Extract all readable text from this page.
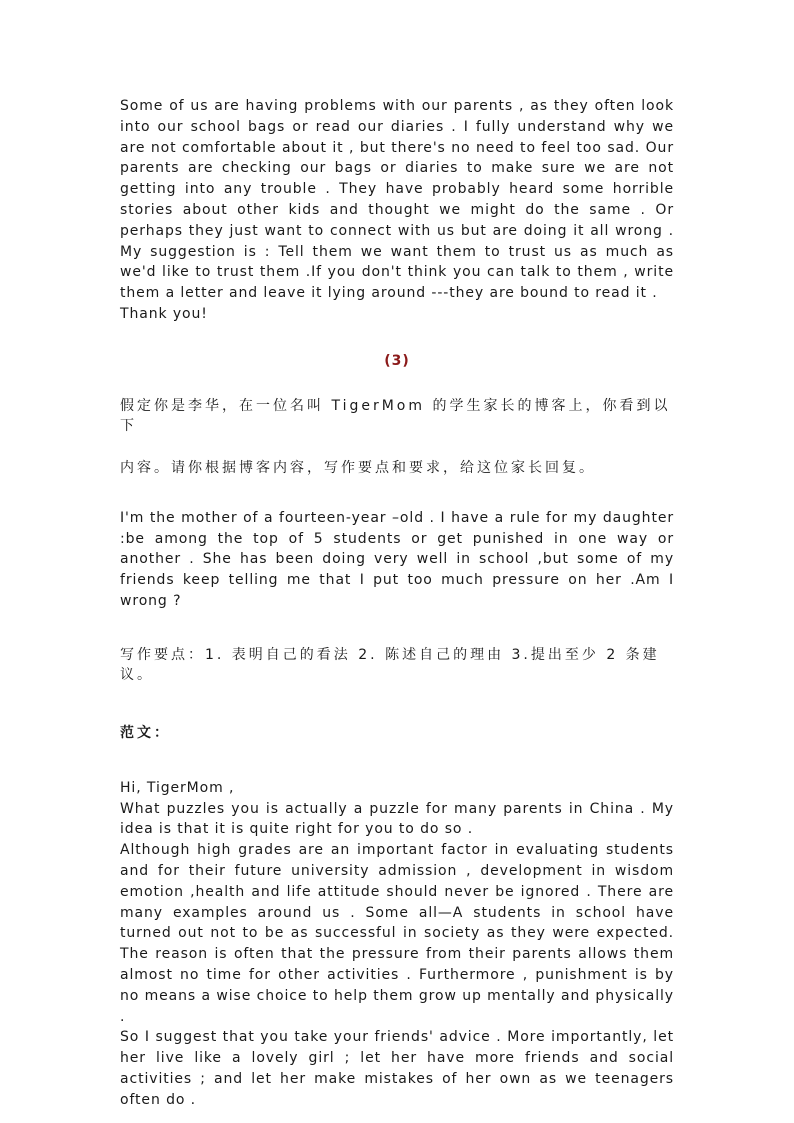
Some of us are having problems with our parents , as they often look into our school bags or read our diaries . I fully understand why we are not comfortable about it , but there's no need to feel too sad. Our parents are checking our bags or diaries to make sure we are not getting into any trouble . They have probably heard some horrible stories about other kids and thought we might do the same . Or perhaps they just want to connect with us but are doing it all wrong . My suggestion is : Tell them we want them to trust us as much as we'd like to trust them .If you don't think you can talk to them , write them a letter and leave it lying around ---they are bound to read it .

Thank you!

(3)

假定你是李华，在一位名叫 TigerMom 的学生家长的博客上，你看到以下

内容。请你根据博客内容，写作要点和要求，给这位家长回复。

I'm the mother of a fourteen-year –old . I have a rule for my daughter :be among the top of 5 students or get punished in one way or another . She has been doing very well in school ,but some of my friends keep telling me that I put too much pressure on her .Am I wrong ?

写作要点：1. 表明自己的看法 2. 陈述自己的理由 3.提出至少 2 条建议。

范文：

Hi, TigerMom ,

What puzzles you is actually a puzzle for many parents in China . My idea is that it is quite right for you to do so .

Although high grades are an important factor in evaluating students and for their future university admission , development in wisdom emotion ,health and life attitude should never be ignored . There are many examples around us . Some all—A students in school have turned out not to be as successful in society as they were expected. The reason is often that the pressure from their parents allows them almost no time for other activities . Furthermore , punishment is by no means a wise choice to help them grow up mentally and physically .

So I suggest that you take your friends' advice . More importantly, let her live like a lovely girl ; let her have more friends and social activities ; and let her make mistakes of her own as we teenagers often do .
